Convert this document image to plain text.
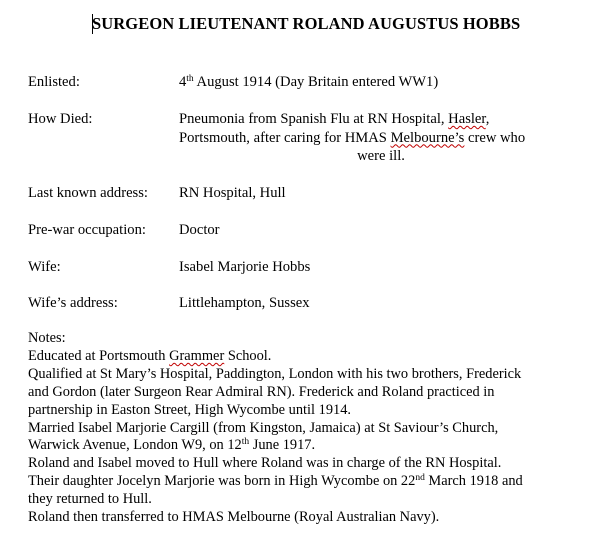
SURGEON LIEUTENANT ROLAND AUGUSTUS HOBBS
Enlisted:	4th August 1914 (Day Britain entered WW1)
How Died:	Pneumonia from Spanish Flu at RN Hospital, Hasler,
Portsmouth, after caring for HMAS Melbourne’s crew who
were ill.
Last known address: RN Hospital, Hull
Pre-war occupation: Doctor
Wife:	Isabel Marjorie Hobbs
Wife’s address:	Littlehampton, Sussex
Notes:
Educated at Portsmouth Grammer School.
Qualified at St Mary’s Hospital, Paddington, London with his two brothers, Frederick
and Gordon (later Surgeon Rear Admiral RN). Frederick and Roland practiced in
partnership in Easton Street, High Wycombe until 1914.
Married Isabel Marjorie Cargill (from Kingston, Jamaica) at St Saviour’s Church,
Warwick Avenue, London W9, on 12th June 1917.
Roland and Isabel moved to Hull where Roland was in charge of the RN Hospital.
Their daughter Jocelyn Marjorie was born in High Wycombe on 22nd March 1918 and
they returned to Hull.
Roland then transferred to HMAS Melbourne (Royal Australian Navy).
